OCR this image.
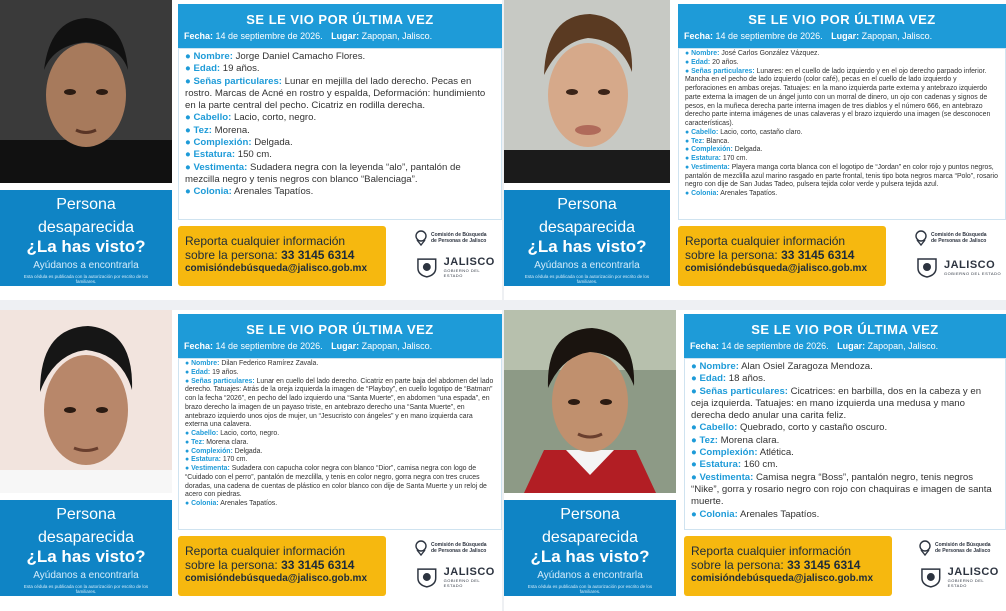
Persona
desaparecida
¿La has visto?
Ayúdanos a encontrarla
Esta cédula es publicada con la autorización por escrito de los familiares.
SE LE VIO POR ÚLTIMA VEZ
Fecha: 14 de septiembre de 2026. Lugar: Zapopan, Jalisco.
● Nombre: Jorge Daniel Camacho Flores.
● Edad: 19 años.
● Señas particulares: Lunar en mejilla del lado derecho. Pecas en rostro. Marcas de Acné en rostro y espalda, Deformación: hundimiento en la parte central del pecho. Cicatriz en rodilla derecha.
● Cabello: Lacio, corto, negro.
● Tez: Morena.
● Complexión: Delgada.
● Estatura: 150 cm.
● Vestimenta: Sudadera negra con la leyenda “alo”, pantalón de mezcilla negro y tenis negros con blanco “Balenciaga”.
● Colonia: Arenales Tapatíos.
Reporta cualquier información
sobre la persona: 33 3145 6314
comisióndebúsqueda@jalisco.gob.mx
Comisión de Búsqueda
de Personas de Jalisco
JALISCO
GOBIERNO DEL ESTADO
Persona
desaparecida
¿La has visto?
Ayúdanos a encontrarla
Esta cédula es publicada con la autorización por escrito de los familiares.
SE LE VIO POR ÚLTIMA VEZ
Fecha: 14 de septiembre de 2026. Lugar: Zapopan, Jalisco.
● Nombre: José Carlos González Vázquez.
● Edad: 20 años.
● Señas particulares: Lunares: en el cuello de lado izquierdo y en el ojo derecho parpado inferior. Mancha en el pecho de lado izquierdo (color café), pecas en el cuello de lado izquierdo y perforaciones en ambas orejas. Tatuajes: en la mano izquierda parte externa y antebrazo izquierdo parte externa la imagen de un ángel junto con un morral de dinero, un ojo con cadenas y signos de pesos, en la muñeca derecha parte interna imagen de tres diablos y el número 666, en antebrazo derecho parte interna imágenes de unas calaveras y el brazo izquierdo una imagen (se desconocen características).
● Cabello: Lacio, corto, castaño claro.
● Tez: Blanca.
● Complexión: Delgada.
● Estatura: 170 cm.
● Vestimenta: Playera manga corta blanca con el logotipo de “Jordan” en color rojo y puntos negros, pantalón de mezclilla azul marino rasgado en parte frontal, tenis tipo bota negros marca “Polo”, rosario negro con dije de San Judas Tadeo, pulsera tejida color verde y pulsera tejida azul.
● Colonia: Arenales Tapatíos.
Reporta cualquier información
sobre la persona: 33 3145 6314
comisióndebúsqueda@jalisco.gob.mx
Comisión de Búsqueda
de Personas de Jalisco
JALISCO
GOBIERNO DEL ESTADO
Persona
desaparecida
¿La has visto?
Ayúdanos a encontrarla
Esta cédula es publicada con la autorización por escrito de los familiares.
SE LE VIO POR ÚLTIMA VEZ
Fecha: 14 de septiembre de 2026. Lugar: Zapopan, Jalisco.
● Nombre: Dilan Federico Ramírez Zavala.
● Edad: 19 años.
● Señas particulares: Lunar en cuello del lado derecho. Cicatriz en parte baja del abdomen del lado derecho. Tatuajes: Atrás de la oreja izquierda la imagen de “Playboy”, en cuello logotipo de “Batman” con la fecha “2026”, en pecho del lado izquierdo una “Santa Muerte”, en abdomen “una espada”, en brazo derecho la imagen de un payaso triste, en antebrazo derecho una “Santa Muerte”, en antebrazo izquierdo unos ojos de mujer, un “Jesucristo con ángeles” y en mano izquierda cara externa una calavera.
● Cabello: Lacio, corto, negro.
● Tez: Morena clara.
● Complexión: Delgada.
● Estatura: 170 cm.
● Vestimenta: Sudadera con capucha color negra con blanco “Dior”, camisa negra con logo de “Cuidado con el perro”, pantalón de mezclilla, y tenis en color negro, gorra negra con tres cruces doradas, una cadena de cuentas de plástico en color blanco con dije de Santa Muerte y un reloj de acero con piedras.
● Colonia: Arenales Tapatíos.
Reporta cualquier información
sobre la persona: 33 3145 6314
comisióndebúsqueda@jalisco.gob.mx
Comisión de Búsqueda
de Personas de Jalisco
JALISCO
GOBIERNO DEL ESTADO
Persona
desaparecida
¿La has visto?
Ayúdanos a encontrarla
Esta cédula es publicada con la autorización por escrito de los familiares.
SE LE VIO POR ÚLTIMA VEZ
Fecha: 14 de septiembre de 2026. Lugar: Zapopan, Jalisco.
● Nombre: Alan Osiel Zaragoza Mendoza.
● Edad: 18 años.
● Señas particulares: Cicatrices: en barbilla, dos en la cabeza y en ceja izquierda. Tatuajes: en mano izquierda una medusa y mano derecha dedo anular una carita feliz.
● Cabello: Quebrado, corto y castaño oscuro.
● Tez: Morena clara.
● Complexión: Atlética.
● Estatura: 160 cm.
● Vestimenta: Camisa negra “Boss”, pantalón negro, tenis negros “Nike”, gorra y rosario negro con rojo con chaquiras e imagen de santa muerte.
● Colonia: Arenales Tapatíos.
Reporta cualquier información
sobre la persona: 33 3145 6314
comisióndebúsqueda@jalisco.gob.mx
Comisión de Búsqueda
de Personas de Jalisco
JALISCO
GOBIERNO DEL ESTADO
